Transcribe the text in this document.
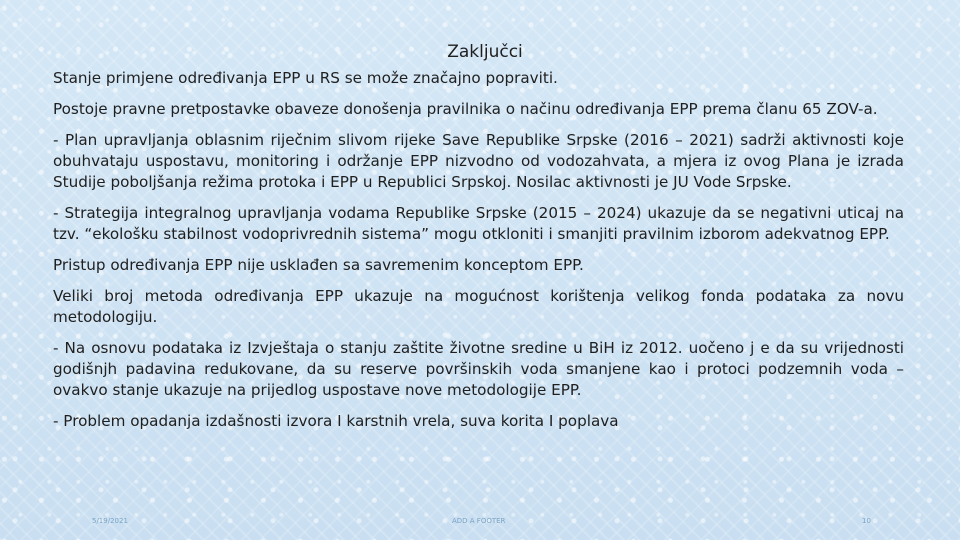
Zaključci

Stanje primjene određivanja EPP u RS se može značajno popraviti.

Postoje pravne pretpostavke obaveze donošenja pravilnika o načinu određivanja EPP prema članu 65 ZOV-a.

- Plan upravljanja oblasnim riječnim slivom rijeke Save Republike Srpske (2016 – 2021) sadrži aktivnosti koje obuhvataju uspostavu, monitoring i održanje EPP nizvodno od vodozahvata, a mjera iz ovog Plana je izrada Studije poboljšanja režima protoka i EPP u Republici Srpskoj. Nosilac aktivnosti je JU Vode Srpske.

- Strategija integralnog upravljanja vodama Republike Srpske (2015 – 2024) ukazuje da se negativni uticaj na tzv. “ekološku stabilnost vodoprivrednih sistema” mogu otkloniti i smanjiti pravilnim izborom adekvatnog EPP.

Pristup određivanja EPP nije usklađen sa savremenim konceptom EPP.

Veliki broj metoda određivanja EPP ukazuje na mogućnost korištenja velikog fonda podataka za novu metodologiju.

- Na osnovu podataka iz Izvještaja o stanju zaštite životne sredine u BiH iz 2012. uočeno j e da su vrijednosti godišnjh padavina redukovane, da su reserve površinskih voda smanjene kao i protoci podzemnih voda – ovakvo stanje ukazuje na prijedlog uspostave nove metodologije EPP.

- Problem opadanja izdašnosti izvora I karstnih vrela, suva korita I poplava

5/19/2021	ADD A FOOTER	10
